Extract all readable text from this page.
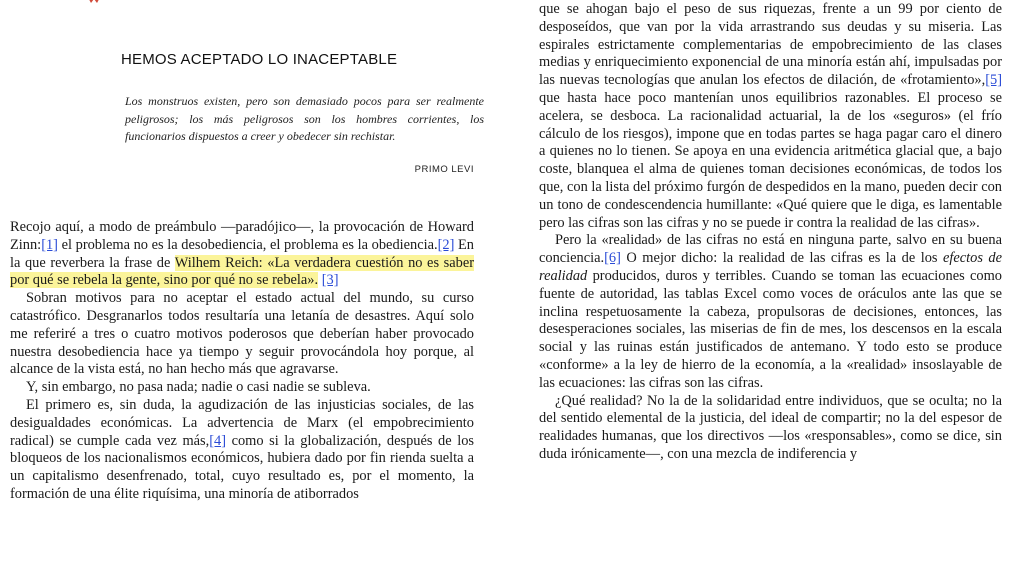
HEMOS ACEPTADO LO INACEPTABLE

Los monstruos existen, pero son demasiado pocos para ser realmente peligrosos; los más peligrosos son los hombres corrientes, los funcionarios dispuestos a creer y obedecer sin rechistar.

PRIMO LEVI

Recojo aquí, a modo de preámbulo —paradójico—, la provocación de Howard Zinn:[1] el problema no es la desobediencia, el problema es la obediencia.[2] En la que reverbera la frase de Wilhem Reich: «La verdadera cuestión no es saber por qué se rebela la gente, sino por qué no se rebela». [3]

Sobran motivos para no aceptar el estado actual del mundo, su curso catastrófico. Desgranarlos todos resultaría una letanía de desastres. Aquí solo me referiré a tres o cuatro motivos poderosos que deberían haber provocado nuestra desobediencia hace ya tiempo y seguir provocándola hoy porque, al alcance de la vista está, no han hecho más que agravarse.

Y, sin embargo, no pasa nada; nadie o casi nadie se subleva.

El primero es, sin duda, la agudización de las injusticias sociales, de las desigualdades económicas. La advertencia de Marx (el empobrecimiento radical) se cumple cada vez más,[4] como si la globalización, después de los bloqueos de los nacionalismos económicos, hubiera dado por fin rienda suelta a un capitalismo desenfrenado, total, cuyo resultado es, por el momento, la formación de una élite riquísima, una minoría de atiborrados

que se ahogan bajo el peso de sus riquezas, frente a un 99 por ciento de desposeídos, que van por la vida arrastrando sus deudas y su miseria. Las espirales estrictamente complementarias de empobrecimiento de las clases medias y enriquecimiento exponencial de una minoría están ahí, impulsadas por las nuevas tecnologías que anulan los efectos de dilación, de «frotamiento»,[5] que hasta hace poco mantenían unos equilibrios razonables. El proceso se acelera, se desboca. La racionalidad actuarial, la de los «seguros» (el frío cálculo de los riesgos), impone que en todas partes se haga pagar caro el dinero a quienes no lo tienen. Se apoya en una evidencia aritmética glacial que, a bajo coste, blanquea el alma de quienes toman decisiones económicas, de todos los que, con la lista del próximo furgón de despedidos en la mano, pueden decir con un tono de condescendencia humillante: «Qué quiere que le diga, es lamentable pero las cifras son las cifras y no se puede ir contra la realidad de las cifras».

Pero la «realidad» de las cifras no está en ninguna parte, salvo en su buena conciencia.[6] O mejor dicho: la realidad de las cifras es la de los efectos de realidad producidos, duros y terribles. Cuando se toman las ecuaciones como fuente de autoridad, las tablas Excel como voces de oráculos ante las que se inclina respetuosamente la cabeza, propulsoras de decisiones, entonces, las desesperaciones sociales, las miserias de fin de mes, los descensos en la escala social y las ruinas están justificados de antemano. Y todo esto se produce «conforme» a la ley de hierro de la economía, a la «realidad» insoslayable de las ecuaciones: las cifras son las cifras.

¿Qué realidad? No la de la solidaridad entre individuos, que se oculta; no la del sentido elemental de la justicia, del ideal de compartir; no la del espesor de realidades humanas, que los directivos —los «responsables», como se dice, sin duda irónicamente—, con una mezcla de indiferencia y
